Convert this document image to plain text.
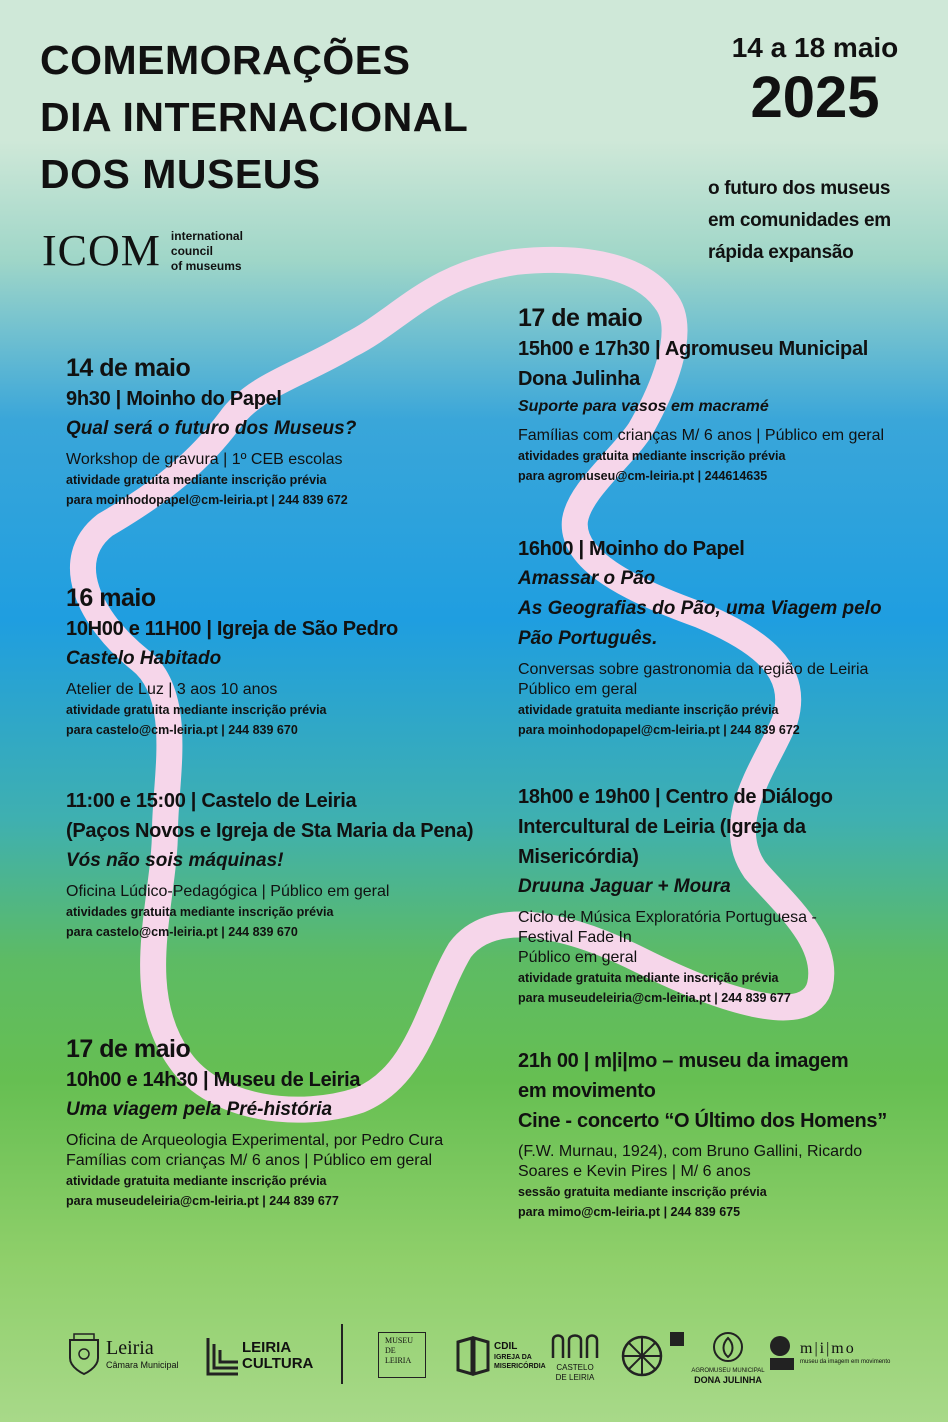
COMEMORAÇÕES
DIA INTERNACIONAL
DOS MUSEUS
14 a 18 maio
2025
o futuro dos museus
em comunidades em
rápida expansão
ICOM international
council
of museums
14 de maio
9h30 | Moinho do Papel
Qual será o futuro dos Museus?
Workshop de gravura | 1º CEB escolas
atividade gratuita mediante inscrição prévia
para moinhodopapel@cm-leiria.pt | 244 839 672
16 maio
10H00 e 11H00 | Igreja de São Pedro
Castelo Habitado
Atelier de Luz | 3 aos 10 anos
atividade gratuita mediante inscrição prévia
para castelo@cm-leiria.pt | 244 839 670
11:00 e 15:00 | Castelo de Leiria
(Paços Novos e Igreja de Sta Maria da Pena)
Vós não sois máquinas!
Oficina Lúdico-Pedagógica | Público em geral
atividades gratuita mediante inscrição prévia
para castelo@cm-leiria.pt | 244 839 670
17 de maio
10h00 e 14h30 | Museu de Leiria
Uma viagem pela Pré-história
Oficina de Arqueologia Experimental, por Pedro Cura
Famílias com crianças M/ 6 anos | Público em geral
atividade gratuita mediante inscrição prévia
para museudeleiria@cm-leiria.pt | 244 839 677
17 de maio
15h00 e 17h30 | Agromuseu Municipal
Dona Julinha
Suporte para vasos em macramé
Famílias com crianças M/ 6 anos | Público em geral
atividades gratuita mediante inscrição prévia
para agromuseu@cm-leiria.pt | 244614635
16h00 | Moinho do Papel
Amassar o Pão
As Geografias do Pão, uma Viagem pelo
Pão Português.
Conversas sobre gastronomia da região de Leiria
Público em geral
atividade gratuita mediante inscrição prévia
para moinhodopapel@cm-leiria.pt | 244 839 672
18h00 e 19h00 | Centro de Diálogo
Intercultural de Leiria (Igreja da
Misericórdia)
Druuna Jaguar + Moura
Ciclo de Música Exploratória Portuguesa -
Festival Fade In
Público em geral
atividade gratuita mediante inscrição prévia
para museudeleiria@cm-leiria.pt | 244 839 677
21h 00 | m|i|mo – museu da imagem
em movimento
Cine - concerto “O Último dos Homens”
(F.W. Murnau, 1924), com Bruno Gallini, Ricardo
Soares e Kevin Pires | M/ 6 anos
sessão gratuita mediante inscrição prévia
para mimo@cm-leiria.pt | 244 839 675
Leiria
Câmara Municipal
LEIRIA
CULTURA
MUSEU
DE
LEIRIA
CDIL
IGREJA DA
MISERICÓRDIA	CASTELO
DE LEIRIA
AGROMUSEU MUNICIPAL
DONA JULINHA
m|i|mo
museu da imagem em movimento
